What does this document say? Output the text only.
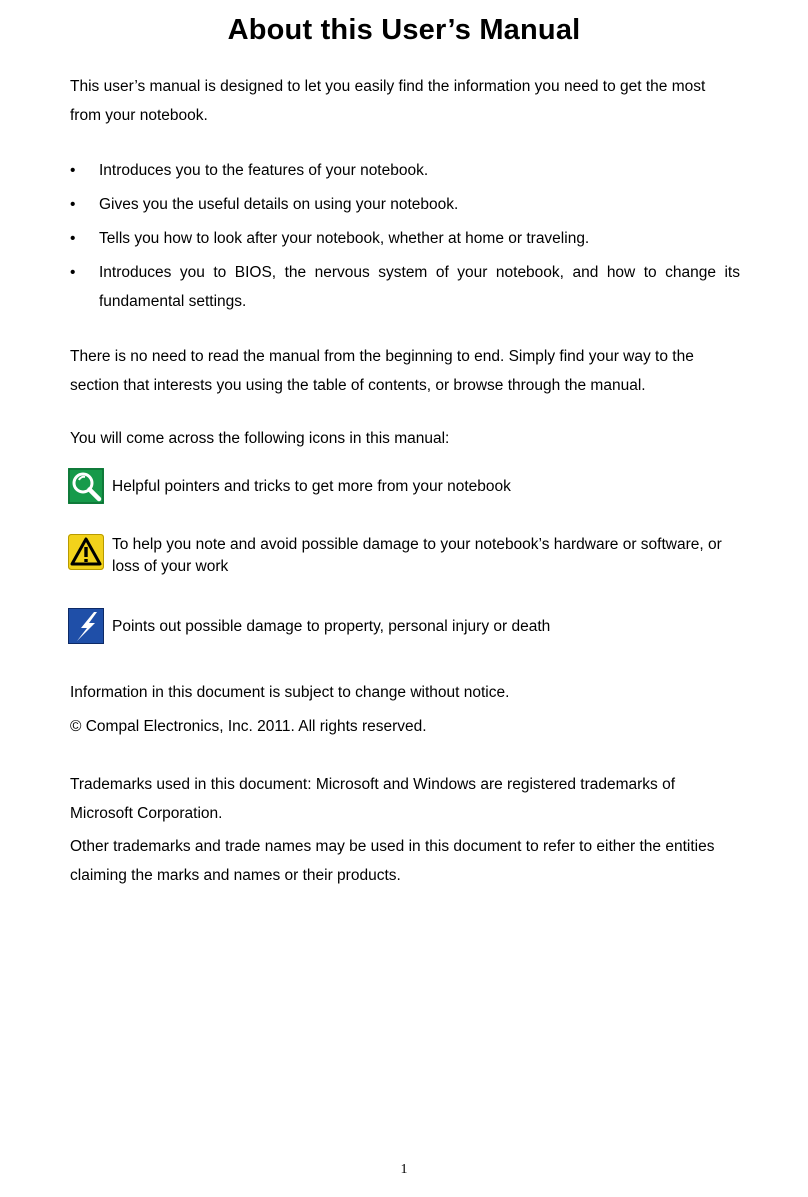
About this User’s Manual
This user’s manual is designed to let you easily find the information you need to get the most from your notebook.
• Introduces you to the features of your notebook.
• Gives you the useful details on using your notebook.
• Tells you how to look after your notebook, whether at home or traveling.
• Introduces you to BIOS, the nervous system of your notebook, and how to change its fundamental settings.
There is no need to read the manual from the beginning to end. Simply find your way to the section that interests you using the table of contents, or browse through the manual.
You will come across the following icons in this manual:
Helpful pointers and tricks to get more from your notebook
To help you note and avoid possible damage to your notebook’s hardware or software, or loss of your work
Points out possible damage to property, personal injury or death
Information in this document is subject to change without notice.
© Compal Electronics, Inc. 2011. All rights reserved.
Trademarks used in this document: Microsoft and Windows are registered trademarks of Microsoft Corporation.
Other trademarks and trade names may be used in this document to refer to either the entities claiming the marks and names or their products.
1
